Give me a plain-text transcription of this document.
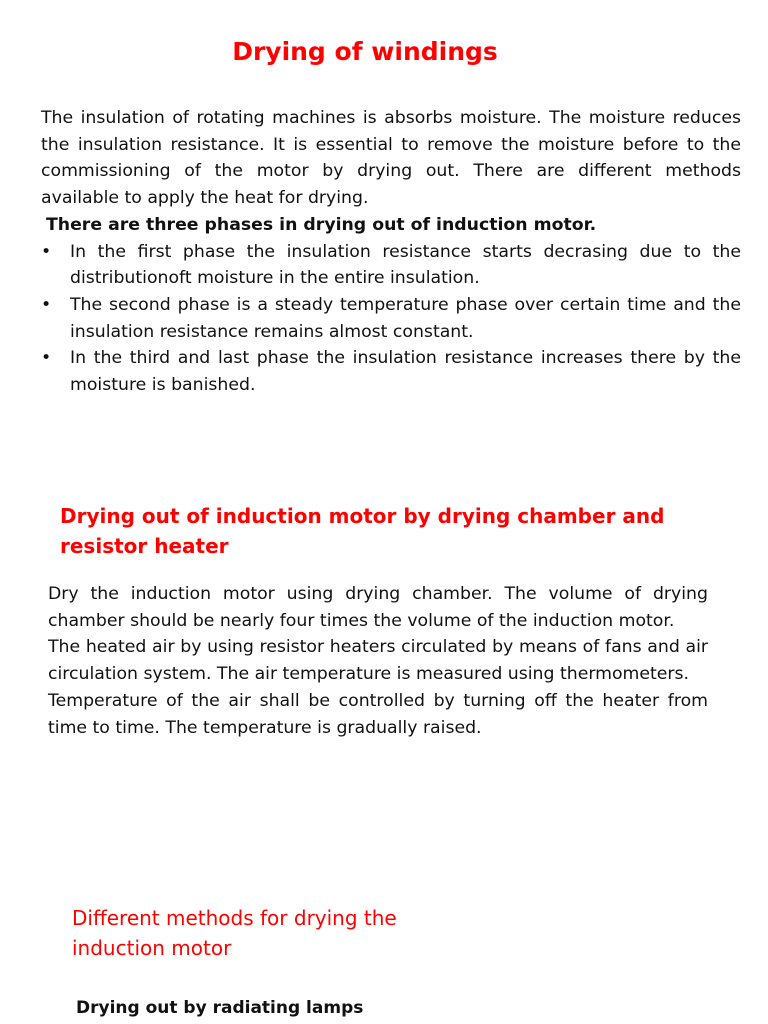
Drying of windings

The insulation of rotating machines is absorbs moisture. The moisture reduces the insulation resistance. It is essential to remove the moisture before to the commissioning of the motor by drying out. There are different methods available to apply the heat for drying.

There are three phases in drying out of induction motor.

• In the first phase the insulation resistance starts decrasing due to the distributionoft moisture in the entire insulation.
• The second phase is a steady temperature phase over certain time and the insulation resistance remains almost constant.
• In the third and last phase the insulation resistance increases there by the moisture is banished.
Drying out of induction motor by drying chamber and resistor heater

Dry the induction motor using drying chamber. The volume of drying chamber should be nearly four times the volume of the induction motor.

The heated air by using resistor heaters circulated by means of fans and air circulation system. The air temperature is measured using thermometers.

Temperature of the air shall be controlled by turning off the heater from time to time. The temperature is gradually raised.

Different methods for drying the induction motor
Drying out by radiating lamps
